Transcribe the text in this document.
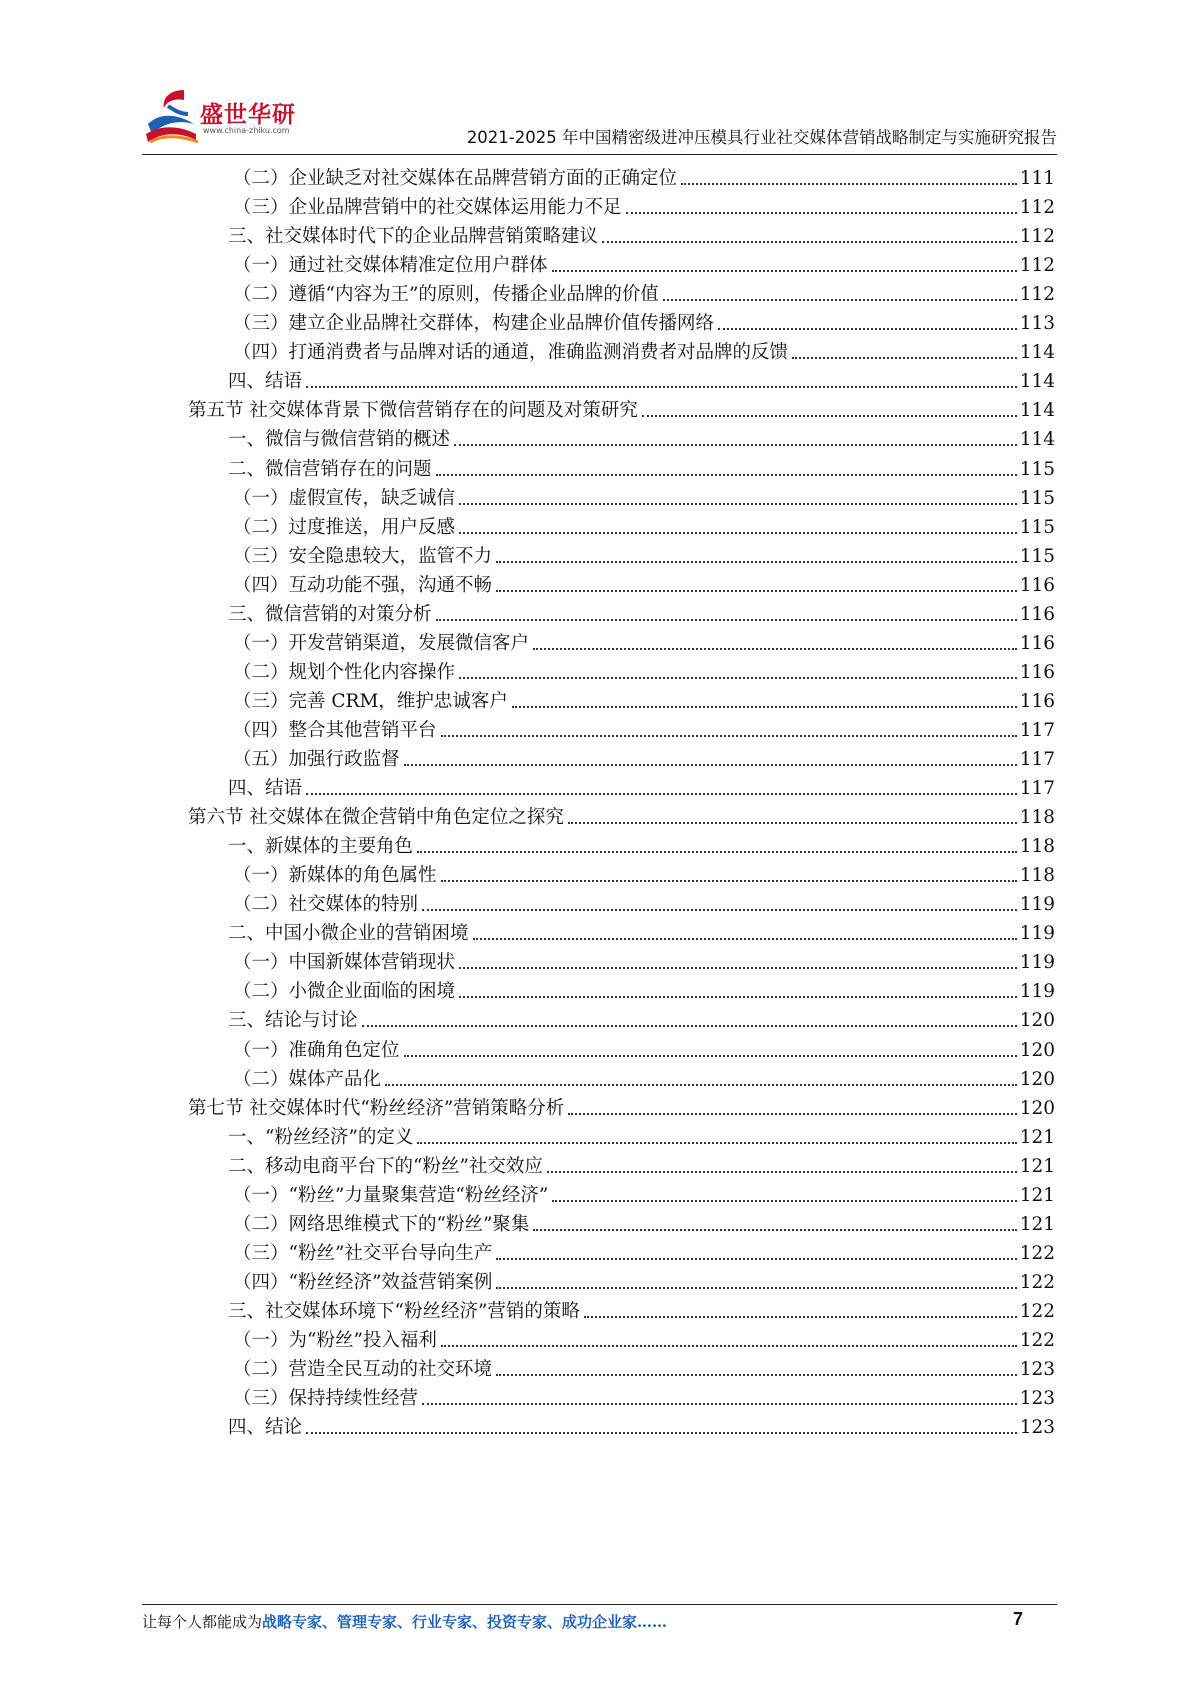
盛世华研
www.china-zhiku.com	2021-2025 年中国精密级进冲压模具行业社交媒体营销战略制定与实施研究报告
（二）企业缺乏对社交媒体在品牌营销方面的正确定位	111
（三）企业品牌营销中的社交媒体运用能力不足	112
三、社交媒体时代下的企业品牌营销策略建议	112
（一）通过社交媒体精准定位用户群体	112
（二）遵循“内容为王”的原则，传播企业品牌的价值	112
（三）建立企业品牌社交群体，构建企业品牌价值传播网络	113
（四）打通消费者与品牌对话的通道，准确监测消费者对品牌的反馈	114
四、结语	114
第五节 社交媒体背景下微信营销存在的问题及对策研究	114
一、微信与微信营销的概述	114
二、微信营销存在的问题	115
（一）虚假宣传，缺乏诚信	115
（二）过度推送，用户反感	115
（三）安全隐患较大，监管不力	115
（四）互动功能不强，沟通不畅	116
三、微信营销的对策分析	116
（一）开发营销渠道，发展微信客户	116
（二）规划个性化内容操作	116
（三）完善 CRM，维护忠诚客户	116
（四）整合其他营销平台	117
（五）加强行政监督	117
四、结语	117
第六节 社交媒体在微企营销中角色定位之探究	118
一、新媒体的主要角色	118
（一）新媒体的角色属性	118
（二）社交媒体的特别	119
二、中国小微企业的营销困境	119
（一）中国新媒体营销现状	119
（二）小微企业面临的困境	119
三、结论与讨论	120
（一）准确角色定位	120
（二）媒体产品化	120
第七节 社交媒体时代“粉丝经济”营销策略分析	120
一、“粉丝经济”的定义	121
二、移动电商平台下的“粉丝”社交效应	121
（一）“粉丝”力量聚集营造“粉丝经济”	121
（二）网络思维模式下的“粉丝”聚集	121
（三）“粉丝”社交平台导向生产	122
（四）“粉丝经济”效益营销案例	122
三、社交媒体环境下“粉丝经济”营销的策略	122
（一）为“粉丝”投入福利	122
（二）营造全民互动的社交环境	123
（三）保持持续性经营	123
四、结论	123
让每个人都能成为战略专家、管理专家、行业专家、投资专家、成功企业家……	7
